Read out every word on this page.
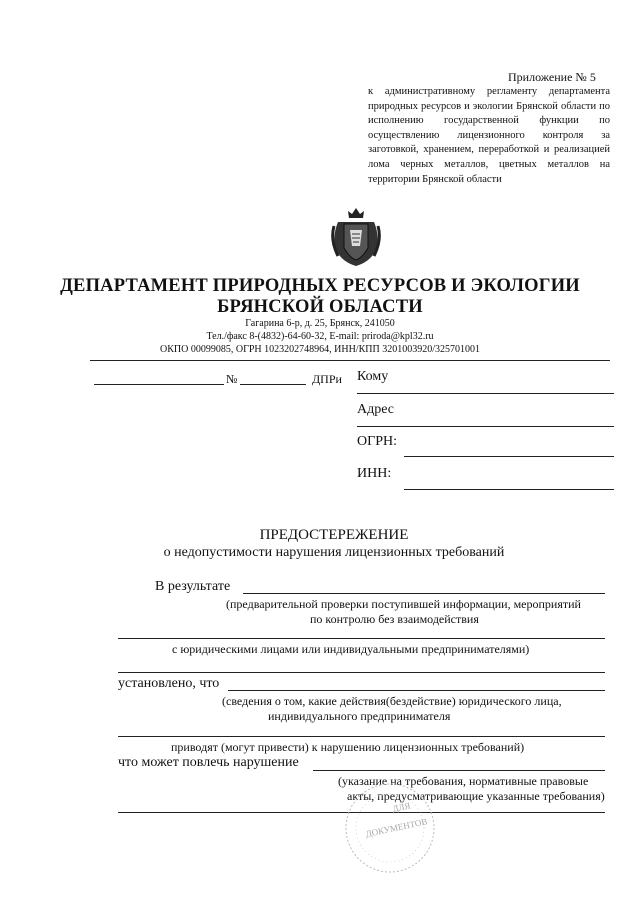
Приложение № 5
к административному регламенту департамента природных ресурсов и экологии Брянской области по исполнению государственной функции по осуществлению лицензионного контроля за заготовкой, хранением, переработкой и реализацией лома черных металлов, цветных металлов на территории Брянской области
ДЕПАРТАМЕНТ ПРИРОДНЫХ РЕСУРСОВ И ЭКОЛОГИИ
БРЯНСКОЙ ОБЛАСТИ
Гагарина 6-р, д. 25, Брянск, 241050
Тел./факс 8-(4832)-64-60-32, E-mail: priroda@kpl32.ru
ОКПО 00099085, ОГРН 1023202748964, ИНН/КПП 3201003920/325701001
№	ДПРи Кому
Адрес
ОГРН:
ИНН:
ПРЕДОСТЕРЕЖЕНИЕ
о недопустимости нарушения лицензионных требований
В результате
(предварительной проверки поступившей информации, мероприятий
по контролю без взаимодействия
с юридическими лицами или индивидуальными предпринимателями)
установлено, что
(сведения о том, какие действия(бездействие) юридического лица,
индивидуального предпринимателя
приводят (могут привести) к нарушению лицензионных требований)
что может повлечь нарушение
(указание на требования, нормативные правовые
акты, предусматривающие указанные требования)
ДЛЯ
ДОКУМЕНТОВ
